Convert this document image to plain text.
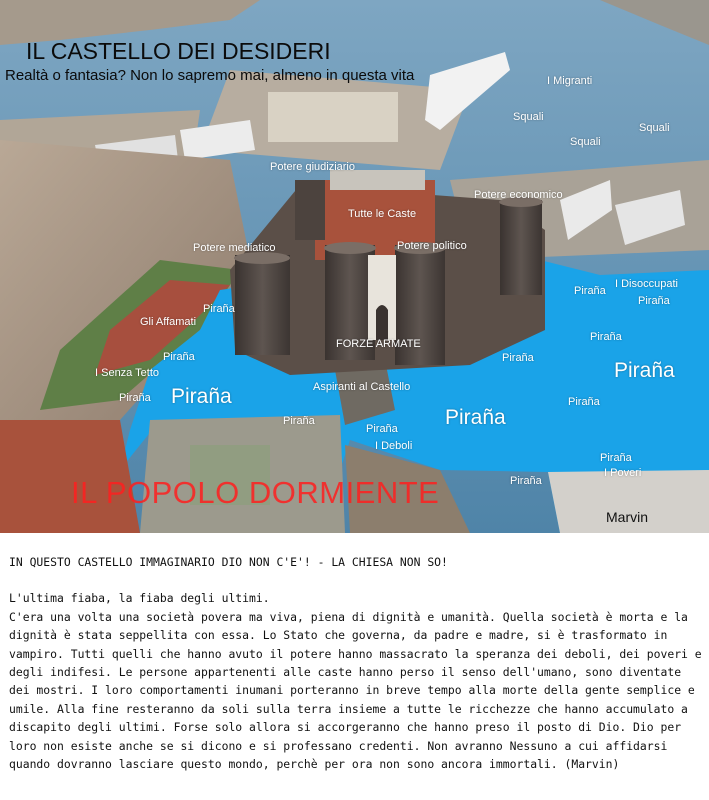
IL CASTELLO DEI DESIDERI
Realtà o fantasia? Non lo sapremo mai, almeno in questa vita	I Migranti
Squali
Squali
Squali
Potere giudiziario
Potere economico
Tutte le Caste
Potere mediatico	Potere politico
I Disoccupati
Gli Affamati
FORZE ARMATE
I Senza Tetto
Aspiranti al Castello
I Deboli
I Poveri
Piraña
Piraña
Piraña
Piraña
Piraña	Piraña
Piraña	Piraña
Piraña
Piraña
Piraña
Piraña
Piraña
Piraña
Piraña
IL POPOLO DORMIENTE
Marvin

IN QUESTO CASTELLO IMMAGINARIO DIO NON C'E'! - LA CHIESA NON SO!

L'ultima fiaba, la fiaba degli ultimi.

C'era una volta una società povera ma viva, piena di dignità e umanità. Quella società è morta e la dignità è stata seppellita con essa. Lo Stato che governa, da padre e madre, si è trasformato in vampiro. Tutti quelli che hanno avuto il potere hanno massacrato la speranza dei deboli, dei poveri e degli indifesi. Le persone appartenenti alle caste hanno perso il senso dell'umano, sono diventate dei mostri. I loro comportamenti inumani porteranno in breve tempo alla morte della gente semplice e umile. Alla fine resteranno da soli sulla terra insieme a tutte le ricchezze che hanno accumulato a discapito degli ultimi. Forse solo allora si accorgeranno che hanno preso il posto di Dio. Dio per loro non esiste anche se si dicono e si professano credenti. Non avranno Nessuno a cui affidarsi quando dovranno lasciare questo mondo, perchè per ora non sono ancora immortali. (Marvin)
